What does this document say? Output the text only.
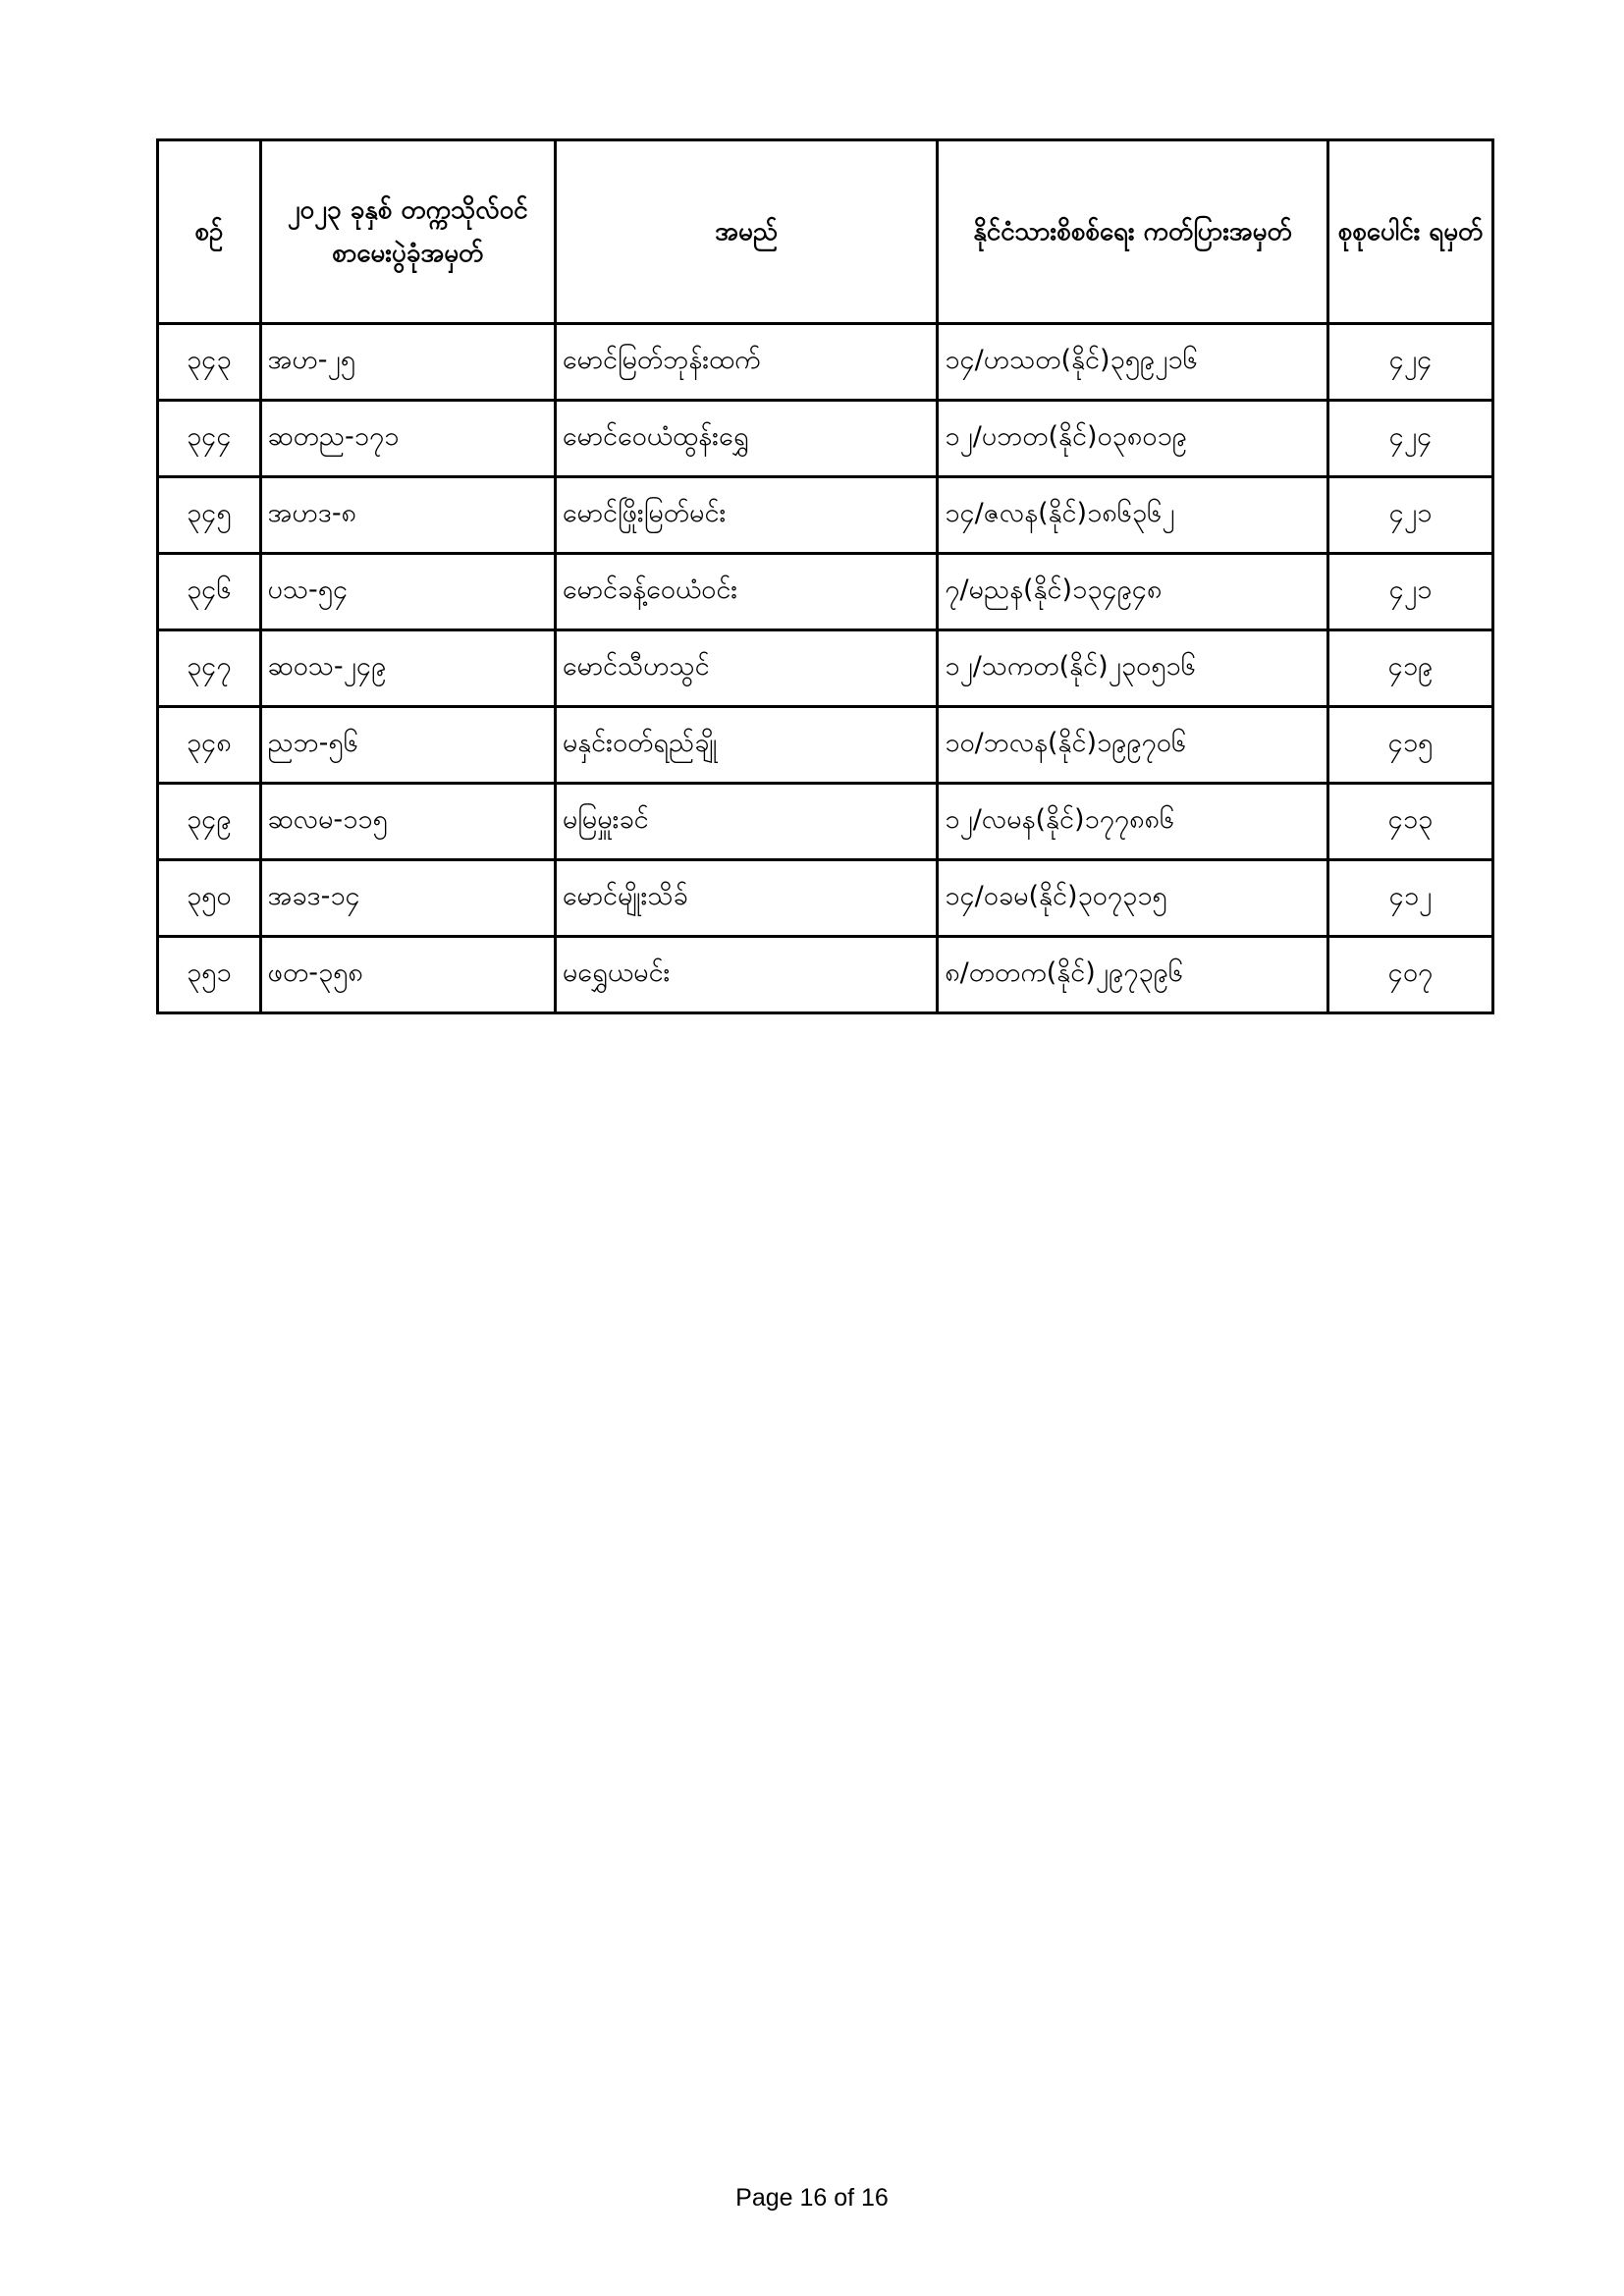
စဉ်	၂၀၂၃ ခုနှစ် တက္ကသိုလ်ဝင် စာမေးပွဲခုံအမှတ်	အမည်	နိုင်ငံသားစိစစ်ရေး ကတ်ပြားအမှတ်	စုစုပေါင်း ရမှတ်
၃၄၃	အဟ-၂၅	မောင်မြတ်ဘုန်းထက်	၁၄/ဟသတ(နိုင်)၃၅၉၂၁၆	၄၂၄
၃၄၄	ဆတည-၁၇၁	မောင်ဝေယံထွန်းရွှေ	၁၂/ပဘတ(နိုင်)၀၃၈၀၁၉	၄၂၄
၃၄၅	အဟဒ-၈	မောင်ဖြိုးမြတ်မင်း	၁၄/ဇလန(နိုင်)၁၈၆၃၆၂	၄၂၁
၃၄၆	ပသ-၅၄	မောင်ခန့်ဝေယံဝင်း	၇/မညန(နိုင်)၁၃၄၉၄၈	၄၂၁
၃၄၇	ဆဝသ-၂၄၉	မောင်သီဟသွင်	၁၂/သကတ(နိုင်)၂၃၀၅၁၆	၄၁၉
၃၄၈	ညဘ-၅၆	မနှင်းဝတ်ရည်ချို	၁၀/ဘလန(နိုင်)၁၉၉၇၀၆	၄၁၅
၃၄၉	ဆလမ-၁၁၅	မမြမှူးခင်	၁၂/လမန(နိုင်)၁၇၇၈၈၆	၄၁၃
၃၅၀	အခဒ-၁၄	မောင်မျိုးသိခ်	၁၄/ဝခမ(နိုင်)၃၀၇၃၁၅	၄၁၂
၃၅၁	ဖတ-၃၅၈	မရွှေယမင်း	၈/တတက(နိုင်)၂၉၇၃၉၆	၄၀၇
Page 16 of 16
